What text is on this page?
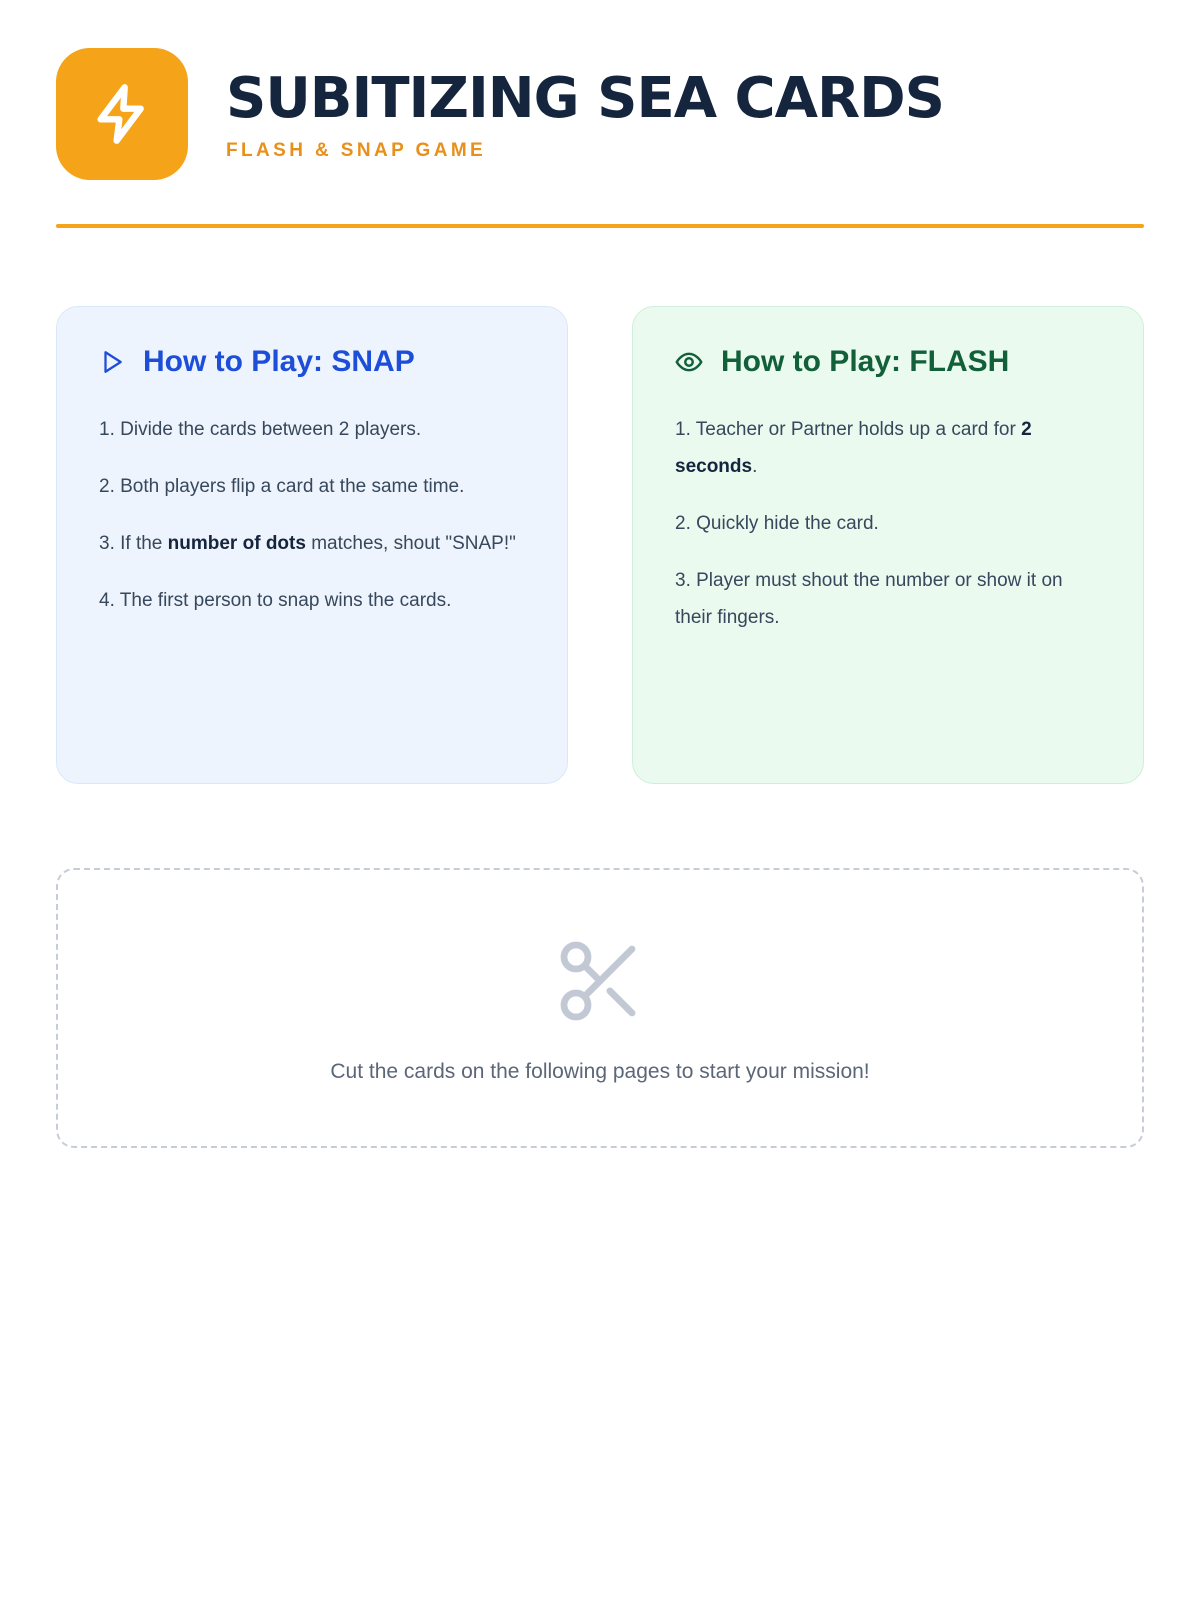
SUBITIZING SEA CARDS
FLASH & SNAP GAME
How to Play: SNAP

1. Divide the cards between 2 players.

2. Both players flip a card at the same time.

3. If the number of dots matches, shout "SNAP!"

4. The first person to snap wins the cards.

How to Play: FLASH

1. Teacher or Partner holds up a card for 2 seconds.

2. Quickly hide the card.

3. Player must shout the number or show it on their fingers.

Cut the cards on the following pages to start your mission!
